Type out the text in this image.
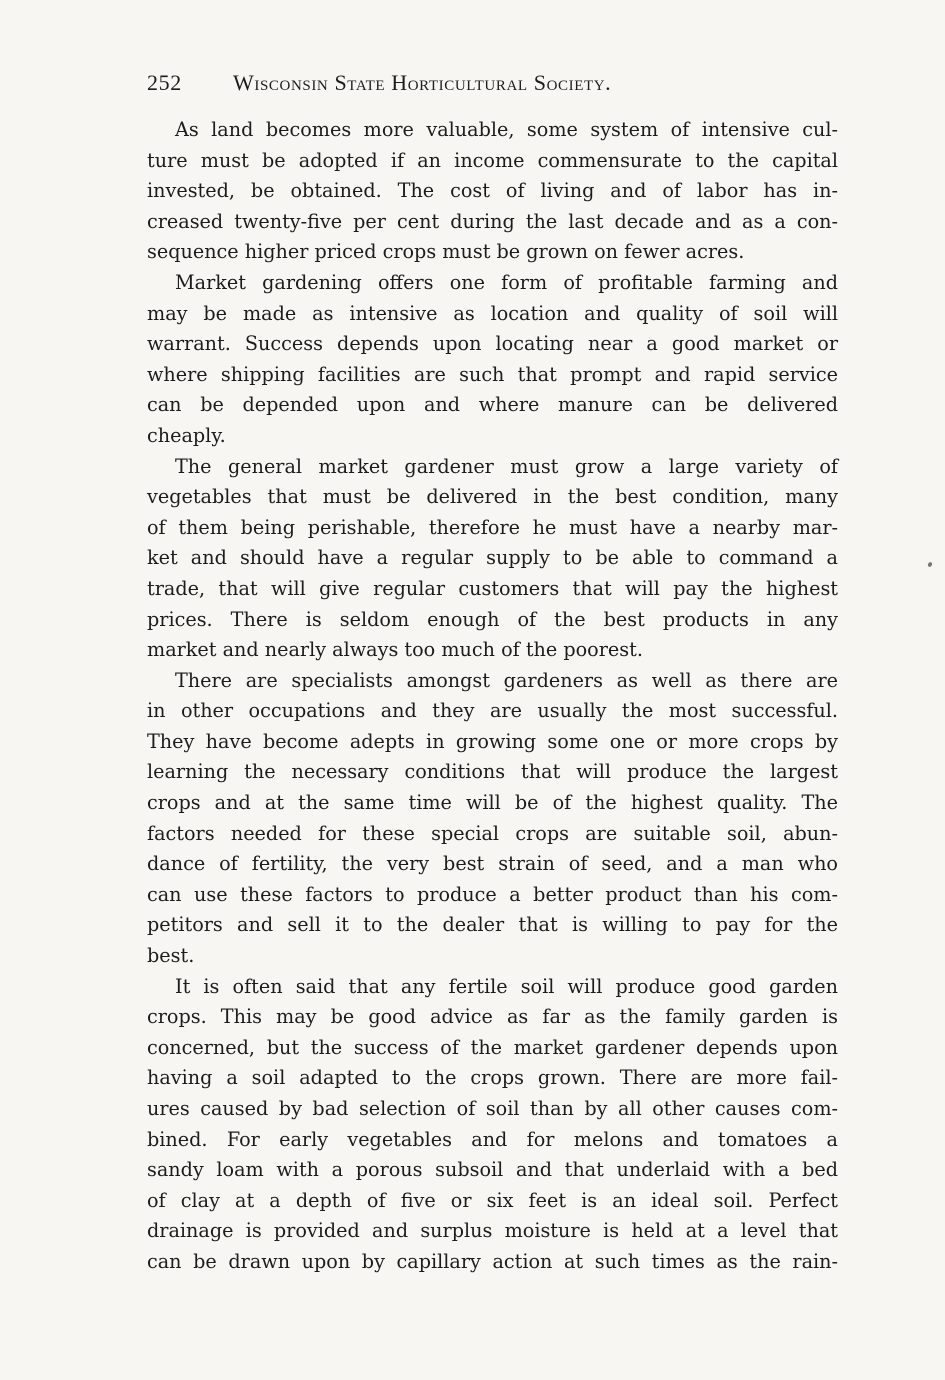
252 Wisconsin State Horticultural Society.

As land becomes more valuable, some system of intensive cul-
ture must be adopted if an income commensurate to the capital
invested, be obtained. The cost of living and of labor has in-
creased twenty-five per cent during the last decade and as a con-
sequence higher priced crops must be grown on fewer acres.

Market gardening offers one form of profitable farming and
may be made as intensive as location and quality of soil will
warrant. Success depends upon locating near a good market or
where shipping facilities are such that prompt and rapid service
can be depended upon and where manure can be delivered
cheaply.

The general market gardener must grow a large variety of
vegetables that must be delivered in the best condition, many
of them being perishable, therefore he must have a nearby mar-
ket and should have a regular supply to be able to command a
trade, that will give regular customers that will pay the highest
prices. There is seldom enough of the best products in any
market and nearly always too much of the poorest.

There are specialists amongst gardeners as well as there are
in other occupations and they are usually the most successful.
They have become adepts in growing some one or more crops by
learning the necessary conditions that will produce the largest
crops and at the same time will be of the highest quality. The
factors needed for these special crops are suitable soil, abun-
dance of fertility, the very best strain of seed, and a man who
can use these factors to produce a better product than his com-
petitors and sell it to the dealer that is willing to pay for the
best.

It is often said that any fertile soil will produce good garden
crops. This may be good advice as far as the family garden is
concerned, but the success of the market gardener depends upon
having a soil adapted to the crops grown. There are more fail-
ures caused by bad selection of soil than by all other causes com-
bined. For early vegetables and for melons and tomatoes a
sandy loam with a porous subsoil and that underlaid with a bed
of clay at a depth of five or six feet is an ideal soil. Perfect
drainage is provided and surplus moisture is held at a level that
can be drawn upon by capillary action at such times as the rain-
